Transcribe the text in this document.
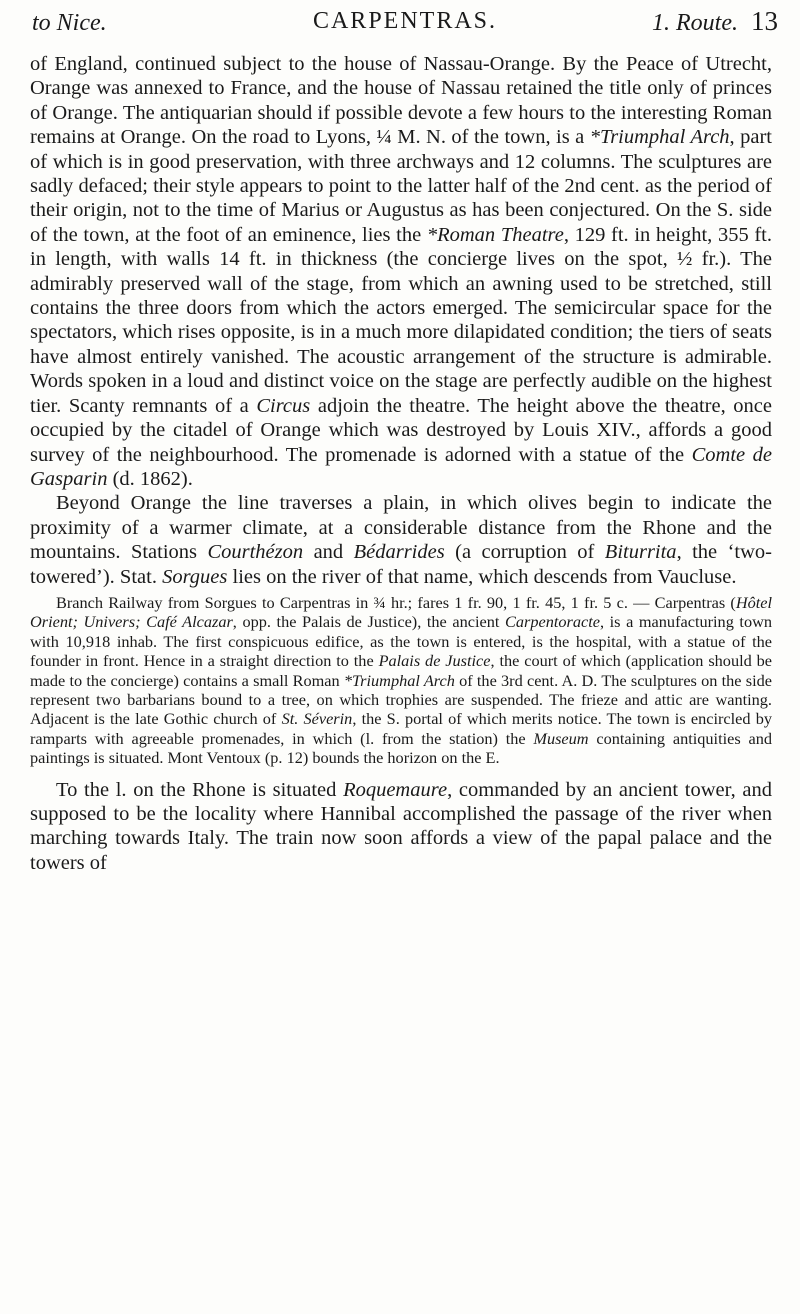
to Nice.	CARPENTRAS.	1. Route. 13

of England, continued subject to the house of Nassau-Orange. By the Peace of Utrecht, Orange was annexed to France, and the house of Nassau retained the title only of princes of Orange. The antiquarian should if possible devote a few hours to the interesting Roman remains at Orange. On the road to Lyons, ¼ M. N. of the town, is a *Triumphal Arch, part of which is in good preservation, with three archways and 12 columns. The sculptures are sadly defaced; their style appears to point to the latter half of the 2nd cent. as the period of their origin, not to the time of Marius or Augustus as has been conjectured. On the S. side of the town, at the foot of an eminence, lies the *Roman Theatre, 129 ft. in height, 355 ft. in length, with walls 14 ft. in thickness (the concierge lives on the spot, ½ fr.). The admirably preserved wall of the stage, from which an awning used to be stretched, still contains the three doors from which the actors emerged. The semicircular space for the spectators, which rises opposite, is in a much more dilapidated condition; the tiers of seats have almost entirely vanished. The acoustic arrangement of the structure is admirable. Words spoken in a loud and distinct voice on the stage are perfectly audible on the highest tier. Scanty remnants of a Circus adjoin the theatre. The height above the theatre, once occupied by the citadel of Orange which was destroyed by Louis XIV., affords a good survey of the neighbourhood. The promenade is adorned with a statue of the Comte de Gasparin (d. 1862).

Beyond Orange the line traverses a plain, in which olives begin to indicate the proximity of a warmer climate, at a considerable distance from the Rhone and the mountains. Stations Courthézon and Bédarrides (a corruption of Biturrita, the ‘two-towered’). Stat. Sorgues lies on the river of that name, which descends from Vaucluse.

Branch Railway from Sorgues to Carpentras in ¾ hr.; fares 1 fr. 90, 1 fr. 45, 1 fr. 5 c. — Carpentras (Hôtel Orient; Univers; Café Alcazar, opp. the Palais de Justice), the ancient Carpentoracte, is a manufacturing town with 10,918 inhab. The first conspicuous edifice, as the town is entered, is the hospital, with a statue of the founder in front. Hence in a straight direction to the Palais de Justice, the court of which (application should be made to the concierge) contains a small Roman *Triumphal Arch of the 3rd cent. A. D. The sculptures on the side represent two barbarians bound to a tree, on which trophies are suspended. The frieze and attic are wanting. Adjacent is the late Gothic church of St. Séverin, the S. portal of which merits notice. The town is encircled by ramparts with agreeable promenades, in which (l. from the station) the Museum containing antiquities and paintings is situated. Mont Ventoux (p. 12) bounds the horizon on the E.

To the l. on the Rhone is situated Roquemaure, commanded by an ancient tower, and supposed to be the locality where Hannibal accomplished the passage of the river when marching towards Italy. The train now soon affords a view of the papal palace and the towers of
